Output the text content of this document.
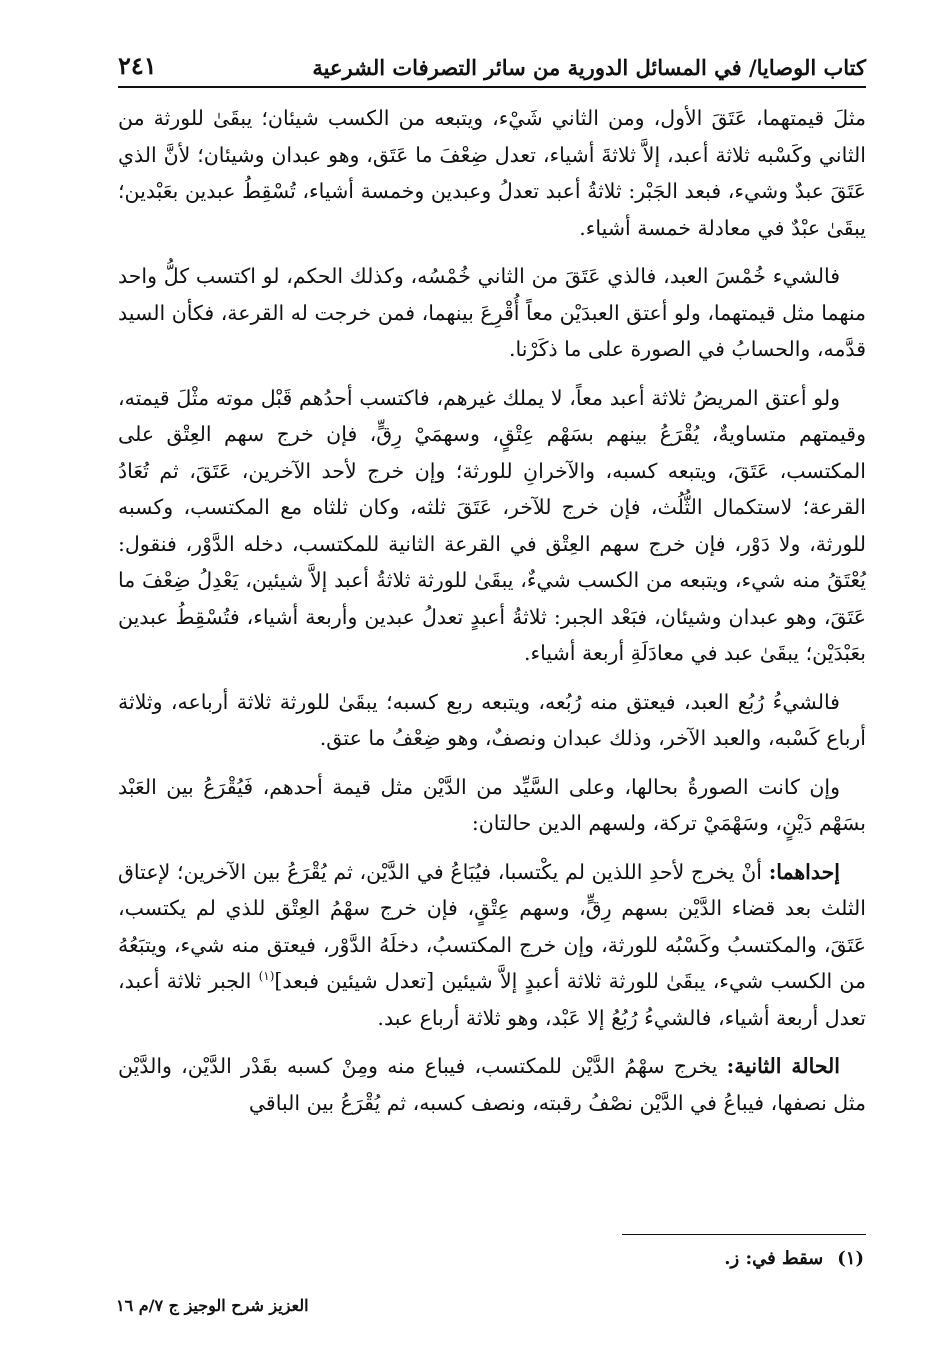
كتاب الوصايا/ في المسائل الدورية من سائر التصرفات الشرعية
٢٤١

مثلَ قيمتهما، عَتَقَ الأول، ومن الثاني شَيْء، ويتبعه من الكسب شيئان؛ يبقَىٰ للورثة من الثاني وكَسْبه ثلاثة أعبد، إلاَّ ثلاثةَ أشياء، تعدل ضِعْفَ ما عَتَق، وهو عبدان وشيئان؛ لأنَّ الذي عَتَقَ عبدٌ وشيء، فبعد الجَبْر: ثلاثةُ أعبد تعدلُ وعبدين وخمسة أشياء، تُسْقِطُ عبدين بعَبْدين؛ يبقَىٰ عبْدٌ في معادلة خمسة أشياء.

فالشيء خُمْسَ العبد، فالذي عَتَقَ من الثاني خُمْسُه، وكذلك الحكم، لو اكتسب كلُّ واحد منهما مثل قيمتهما، ولو أعتق العبدَيْن معاً أُقْرِعَ بينهما، فمن خرجت له القرعة، فكأن السيد قدَّمه، والحسابُ في الصورة على ما ذكَرْنا.

ولو أعتق المريضُ ثلاثة أعبد معاً، لا يملك غيرهم، فاكتسب أحدُهم قَبْل موته مثْلَ قيمته، وقيمتهم متساويةٌ، يُقْرَعُ بينهم بسَهْم عِتْقٍ، وسهمَيْ رِقٍّ، فإن خرج سهم العِتْق على المكتسب، عَتَقَ، ويتبعه كسبه، والآخرانِ للورثة؛ وإن خرج لأحد الآخرين، عَتَقَ، ثم تُعَادُ القرعة؛ لاستكمال الثُّلُث، فإن خرج للآخر، عَتَقَ ثلثه، وكان ثلثاه مع المكتسب، وكسبه للورثة، ولا دَوْر، فإن خرج سهم العِتْق في القرعة الثانية للمكتسب، دخله الدَّوْر، فنقول: يُعْتَقُ منه شيء، ويتبعه من الكسب شيءٌ، يبقَىٰ للورثة ثلاثةُ أعبد إلاَّ شيئين، يَعْدِلُ ضِعْفَ ما عَتَقَ، وهو عبدان وشيئان، فبَعْد الجبر: ثلاثةُ أعبدٍ تعدلُ عبدين وأربعة أشياء، فتُسْقِطُ عبدين بعَبْدَيْن؛ يبقَىٰ عبد في معادَلَةِ أربعة أشياء.

فالشيءُ رُبُع العبد، فيعتق منه رُبُعه، ويتبعه ربع كسبه؛ يبقَىٰ للورثة ثلاثة أرباعه، وثلاثة أرباع كَسْبه، والعبد الآخر، وذلك عبدان ونصفٌ، وهو ضِعْفُ ما عتق.

وإن كانت الصورةُ بحالها، وعلى السَّيِّد من الدَّيْن مثل قيمة أحدهم، فَيُقْرَعُ بين العَبْد بسَهْم دَيْنٍ، وسَهْمَيْ تركة، ولسهم الدين حالتان:

إحداهما: أنْ يخرج لأحدِ اللذين لم يكْتسبا، فيُبَاعُ في الدَّيْن، ثم يُقْرَعُ بين الآخرين؛ لإعتاق الثلث بعد قضاء الدَّيْن بسهم رِقٍّ، وسهم عِتْقٍ، فإن خرج سهْمُ العِتْق للذي لم يكتسب، عَتَقَ، والمكتسبُ وكَسْبُه للورثة، وإن خرج المكتسبُ، دخلَهُ الدَّوْر، فيعتق منه شيء، ويتبَعُهُ من الكسب شيء، يبقَىٰ للورثة ثلاثة أعبدٍ إلاَّ شيئين [تعدل شيئين فبعد]$^{(١)}$ الجبر ثلاثة أعبد، تعدل أربعة أشياء، فالشيءُ رُبُعُ إلا عَبْد، وهو ثلاثة أرباع عبد.

الحالة الثانية: يخرج سهْمُ الدَّيْن للمكتسب، فيباع منه ومِنْ كسبه بقَدْر الدَّيْن، والدَّيْن مثل نصفها، فيباعُ في الدَّيْن نصْفُ رقبته، ونصف كسبه، ثم يُقْرَعُ بين الباقي

(١)سقط في: ز.
العزيز شرح الوجيز ج ٧/م ١٦
